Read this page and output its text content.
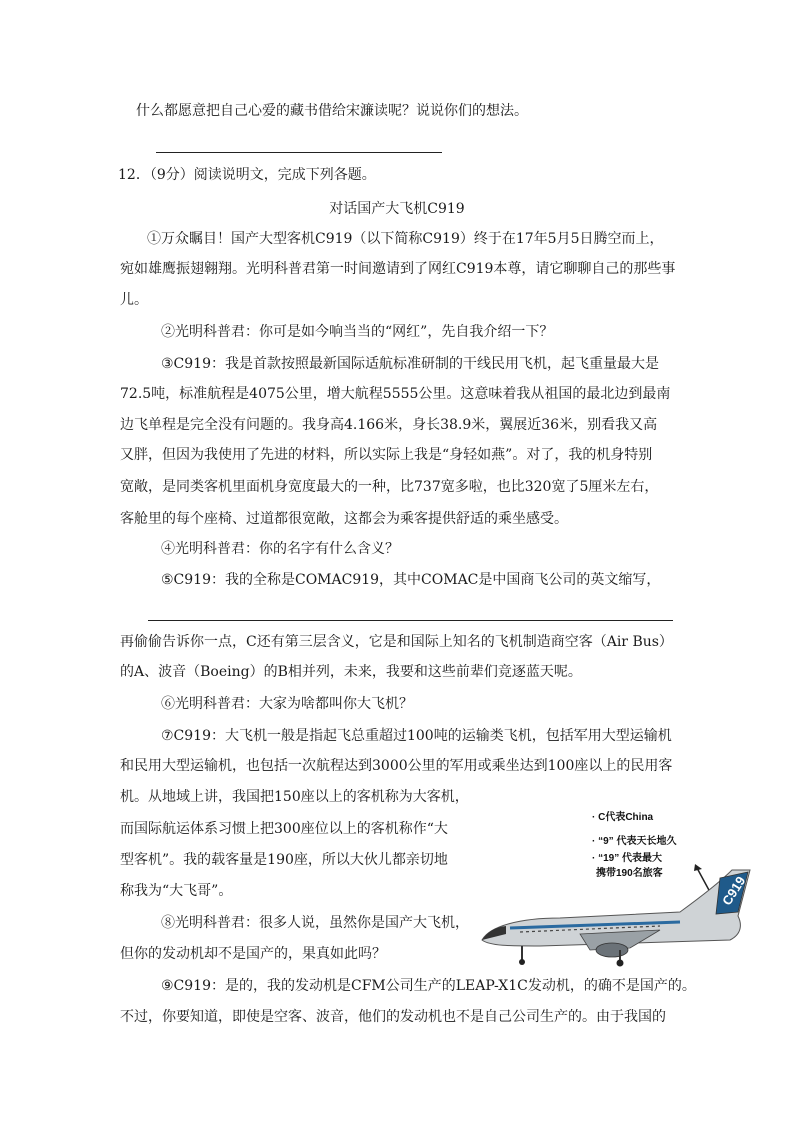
什么都愿意把自己心爱的藏书借给宋濂读呢？说说你们的想法。
12．（9分）阅读说明文，完成下列各题。
对话国产大飞机C919
①万众瞩目！国产大型客机C919（以下简称C919）终于在17年5月5日腾空而上，
宛如雄鹰振翅翱翔。光明科普君第一时间邀请到了网红C919本尊，请它聊聊自己的那些事
儿。
②光明科普君：你可是如今响当当的“网红”，先自我介绍一下？
③C919：我是首款按照最新国际适航标准研制的干线民用飞机，起飞重量最大是
72.5吨，标准航程是4075公里，增大航程5555公里。这意味着我从祖国的最北边到最南
边飞单程是完全没有问题的。我身高4.166米，身长38.9米，翼展近36米，别看我又高
又胖，但因为我使用了先进的材料，所以实际上我是“身轻如燕”。对了，我的机身特别
宽敞，是同类客机里面机身宽度最大的一种，比737宽多啦，也比320宽了5厘米左右，
客舱里的每个座椅、过道都很宽敞，这都会为乘客提供舒适的乘坐感受。
④光明科普君：你的名字有什么含义？
⑤C919：我的全称是COMAC919，其中COMAC是中国商飞公司的英文缩写，
再偷偷告诉你一点，C还有第三层含义，它是和国际上知名的飞机制造商空客（Air Bus）
的A、波音（Boeing）的B相并列，未来，我要和这些前辈们竞逐蓝天呢。
⑥光明科普君：大家为啥都叫你大飞机？
⑦C919：大飞机一般是指起飞总重超过100吨的运输类飞机，包括军用大型运输机
和民用大型运输机，也包括一次航程达到3000公里的军用或乘坐达到100座以上的民用客
机。从地域上讲，我国把150座以上的客机称为大客机，
而国际航运体系习惯上把300座位以上的客机称作“大
型客机”。我的载客量是190座，所以大伙儿都亲切地
称我为“大飞哥”。
⑧光明科普君：很多人说，虽然你是国产大飞机，
但你的发动机却不是国产的，果真如此吗？
⑨C919：是的，我的发动机是CFM公司生产的LEAP-X1C发动机，的确不是国产的。
不过，你要知道，即使是空客、波音，他们的发动机也不是自己公司生产的。由于我国的
· C代表China
· “9” 代表天长地久
· “19” 代表最大
携带190名旅客
C919
